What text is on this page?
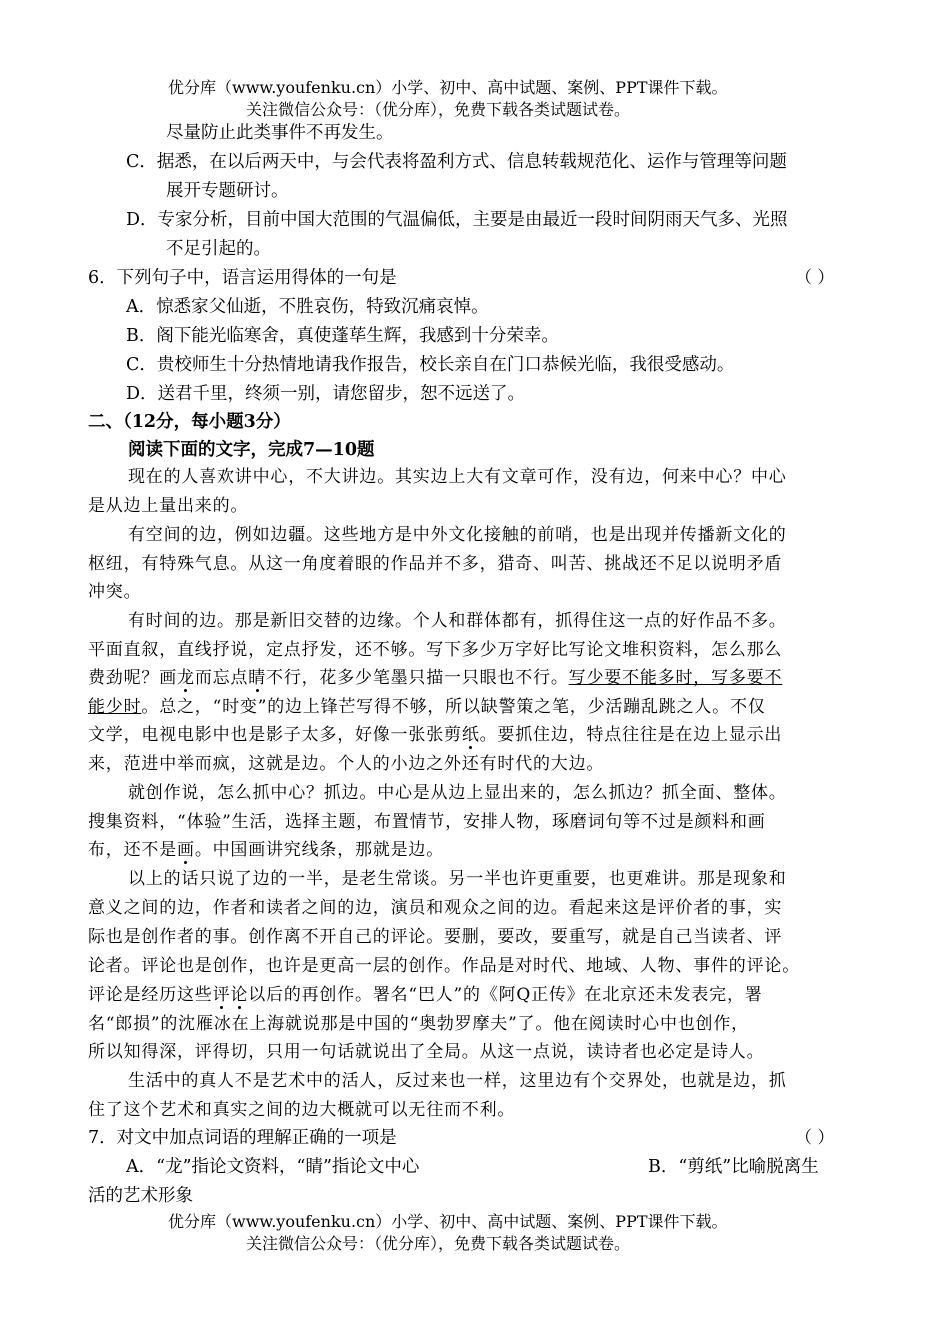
优分库（www.youfenku.cn）小学、初中、高中试题、案例、PPT课件下载。
关注微信公众号：（优分库），免费下载各类试题试卷。
尽量防止此类事件不再发生。
C．据悉，在以后两天中，与会代表将盈利方式、信息转载规范化、运作与管理等问题
展开专题研讨。
D．专家分析，目前中国大范围的气温偏低，主要是由最近一段时间阴雨天气多、光照
不足引起的。
6．下列句子中，语言运用得体的一句是	（ ）
A．惊悉家父仙逝，不胜哀伤，特致沉痛哀悼。
B．阁下能光临寒舍，真使蓬荜生辉，我感到十分荣幸。
C．贵校师生十分热情地请我作报告，校长亲自在门口恭候光临，我很受感动。
D．送君千里，终须一别，请您留步，恕不远送了。
二、（12分，每小题3分）
阅读下面的文字，完成7—10题
现在的人喜欢讲中心，不大讲边。其实边上大有文章可作，没有边，何来中心？中心
是从边上量出来的。
有空间的边，例如边疆。这些地方是中外文化接触的前哨，也是出现并传播新文化的
枢纽，有特殊气息。从这一角度着眼的作品并不多，猎奇、叫苦、挑战还不足以说明矛盾
冲突。
有时间的边。那是新旧交替的边缘。个人和群体都有，抓得住这一点的好作品不多。
平面直叙，直线抒说，定点抒发，还不够。写下多少万字好比写论文堆积资料，怎么那么
费劲呢？画龙而忘点睛不行，花多少笔墨只描一只眼也不行。写少要不能多时，写多要不
能少时。总之，“时变”的边上锋芒写得不够，所以缺警策之笔，少活蹦乱跳之人。不仅
文学，电视电影中也是影子太多，好像一张张剪纸。要抓住边，特点往往是在边上显示出
来，范进中举而疯，这就是边。个人的小边之外还有时代的大边。
就创作说，怎么抓中心？抓边。中心是从边上显出来的，怎么抓边？抓全面、整体。
搜集资料，“体验”生活，选择主题，布置情节，安排人物，琢磨词句等不过是颜料和画
布，还不是画。中国画讲究线条，那就是边。
以上的话只说了边的一半，是老生常谈。另一半也许更重要，也更难讲。那是现象和
意义之间的边，作者和读者之间的边，演员和观众之间的边。看起来这是评价者的事，实
际也是创作者的事。创作离不开自己的评论。要删，要改，要重写，就是自己当读者、评
论者。评论也是创作，也许是更高一层的创作。作品是对时代、地域、人物、事件的评论。
评论是经历这些评论以后的再创作。署名“巴人”的《阿Q正传》在北京还未发表完，署
名“郎损”的沈雁冰在上海就说那是中国的“奥勃罗摩夫”了。他在阅读时心中也创作，
所以知得深，评得切，只用一句话就说出了全局。从这一点说，读诗者也必定是诗人。
生活中的真人不是艺术中的活人，反过来也一样，这里边有个交界处，也就是边，抓
住了这个艺术和真实之间的边大概就可以无往而不利。
7．对文中加点词语的理解正确的一项是	（ ）
A．“龙”指论文资料，“睛”指论文中心	B．“剪纸”比喻脱离生
活的艺术形象
优分库（www.youfenku.cn）小学、初中、高中试题、案例、PPT课件下载。
关注微信公众号：（优分库），免费下载各类试题试卷。
